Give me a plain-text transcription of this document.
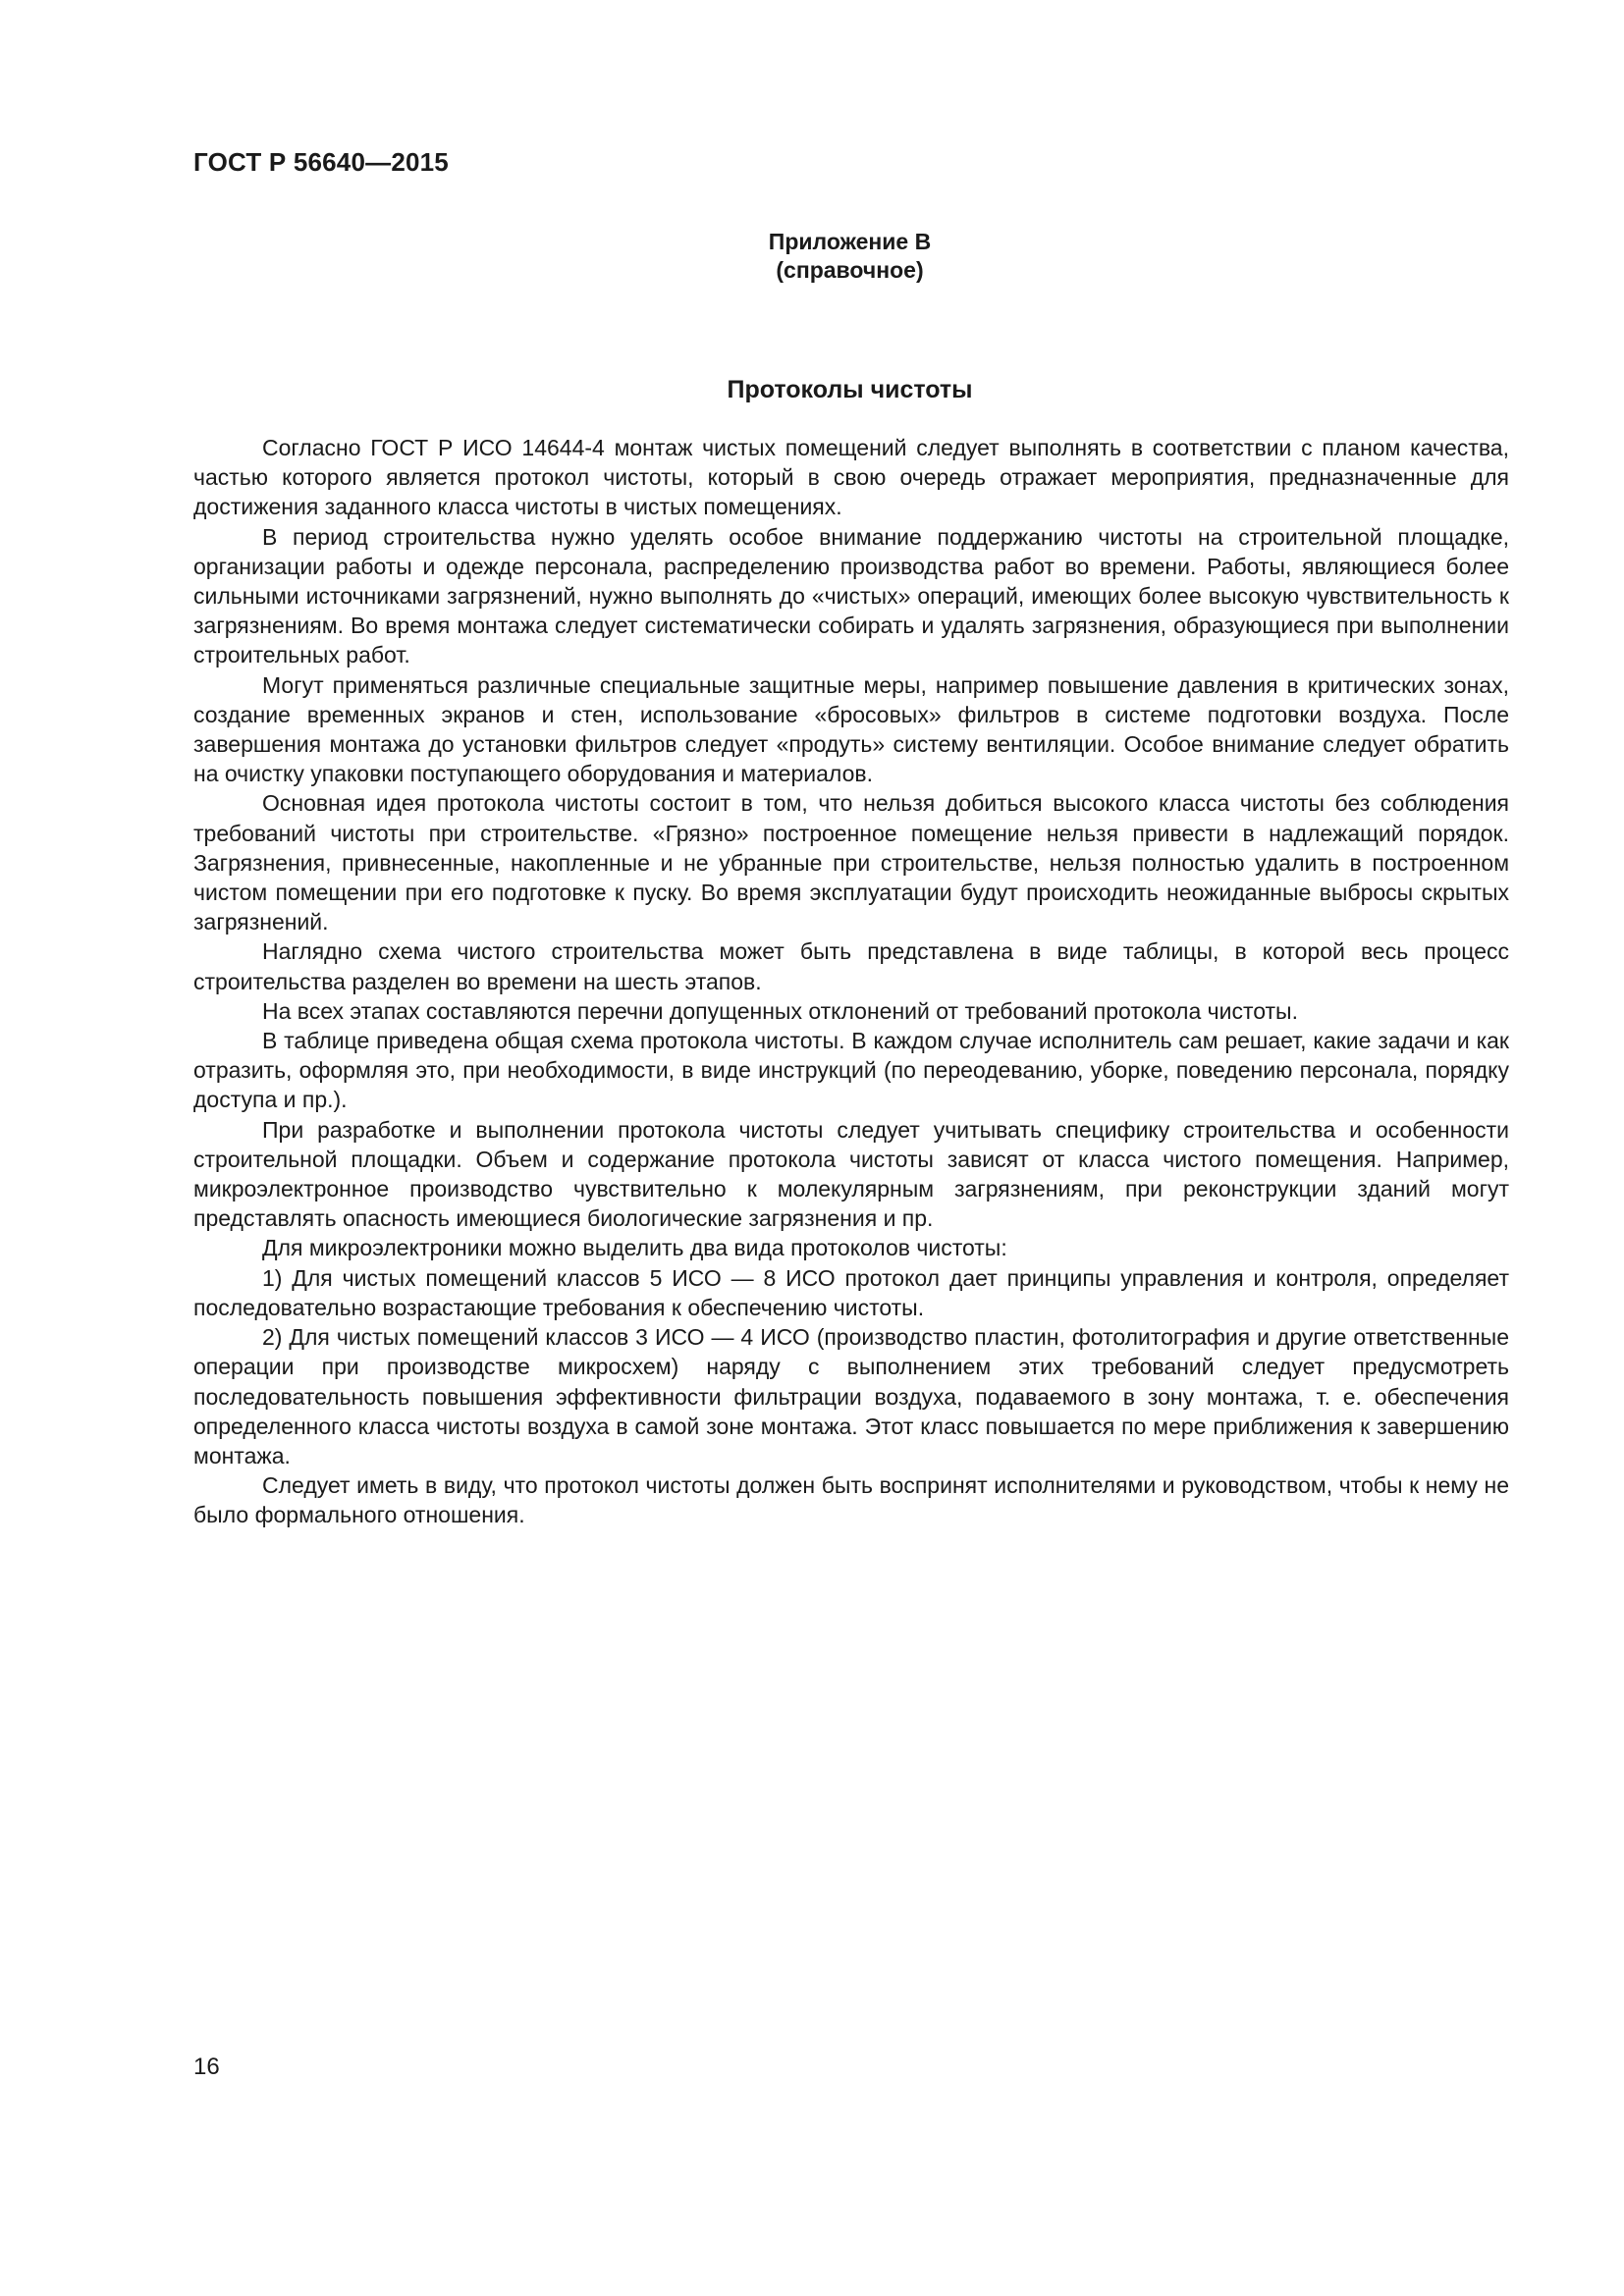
ГОСТ Р 56640—2015

Приложение В

(справочное)

Протоколы чистоты

Согласно ГОСТ Р ИСО 14644-4 монтаж чистых помещений следует выполнять в соответствии с планом качества, частью которого является протокол чистоты, который в свою очередь отражает мероприятия, предназначенные для достижения заданного класса чистоты в чистых помещениях.

В период строительства нужно уделять особое внимание поддержанию чистоты на строительной площадке, организации работы и одежде персонала, распределению производства работ во времени. Работы, являющиеся более сильными источниками загрязнений, нужно выполнять до «чистых» операций, имеющих более высокую чувствительность к загрязнениям. Во время монтажа следует систематически собирать и удалять загрязнения, образующиеся при выполнении строительных работ.

Могут применяться различные специальные защитные меры, например повышение давления в критических зонах, создание временных экранов и стен, использование «бросовых» фильтров в системе подготовки воздуха. После завершения монтажа до установки фильтров следует «продуть» систему вентиляции. Особое внимание следует обратить на очистку упаковки поступающего оборудования и материалов.

Основная идея протокола чистоты состоит в том, что нельзя добиться высокого класса чистоты без соблюдения требований чистоты при строительстве. «Грязно» построенное помещение нельзя привести в надлежащий порядок. Загрязнения, привнесенные, накопленные и не убранные при строительстве, нельзя полностью удалить в построенном чистом помещении при его подготовке к пуску. Во время эксплуатации будут происходить неожиданные выбросы скрытых загрязнений.

Наглядно схема чистого строительства может быть представлена в виде таблицы, в которой весь процесс строительства разделен во времени на шесть этапов.

На всех этапах составляются перечни допущенных отклонений от требований протокола чистоты.

В таблице приведена общая схема протокола чистоты. В каждом случае исполнитель сам решает, какие задачи и как отразить, оформляя это, при необходимости, в виде инструкций (по переодеванию, уборке, поведению персонала, порядку доступа и пр.).

При разработке и выполнении протокола чистоты следует учитывать специфику строительства и особенности строительной площадки. Объем и содержание протокола чистоты зависят от класса чистого помещения. Например, микроэлектронное производство чувствительно к молекулярным загрязнениям, при реконструкции зданий могут представлять опасность имеющиеся биологические загрязнения и пр.

Для микроэлектроники можно выделить два вида протоколов чистоты:

1) Для чистых помещений классов 5 ИСО — 8 ИСО протокол дает принципы управления и контроля, определяет последовательно возрастающие требования к обеспечению чистоты.

2) Для чистых помещений классов 3 ИСО — 4 ИСО (производство пластин, фотолитография и другие ответственные операции при производстве микросхем) наряду с выполнением этих требований следует предусмотреть последовательность повышения эффективности фильтрации воздуха, подаваемого в зону монтажа, т. е. обеспечения определенного класса чистоты воздуха в самой зоне монтажа. Этот класс повышается по мере приближения к завершению монтажа.

Следует иметь в виду, что протокол чистоты должен быть воспринят исполнителями и руководством, чтобы к нему не было формального отношения.

16
